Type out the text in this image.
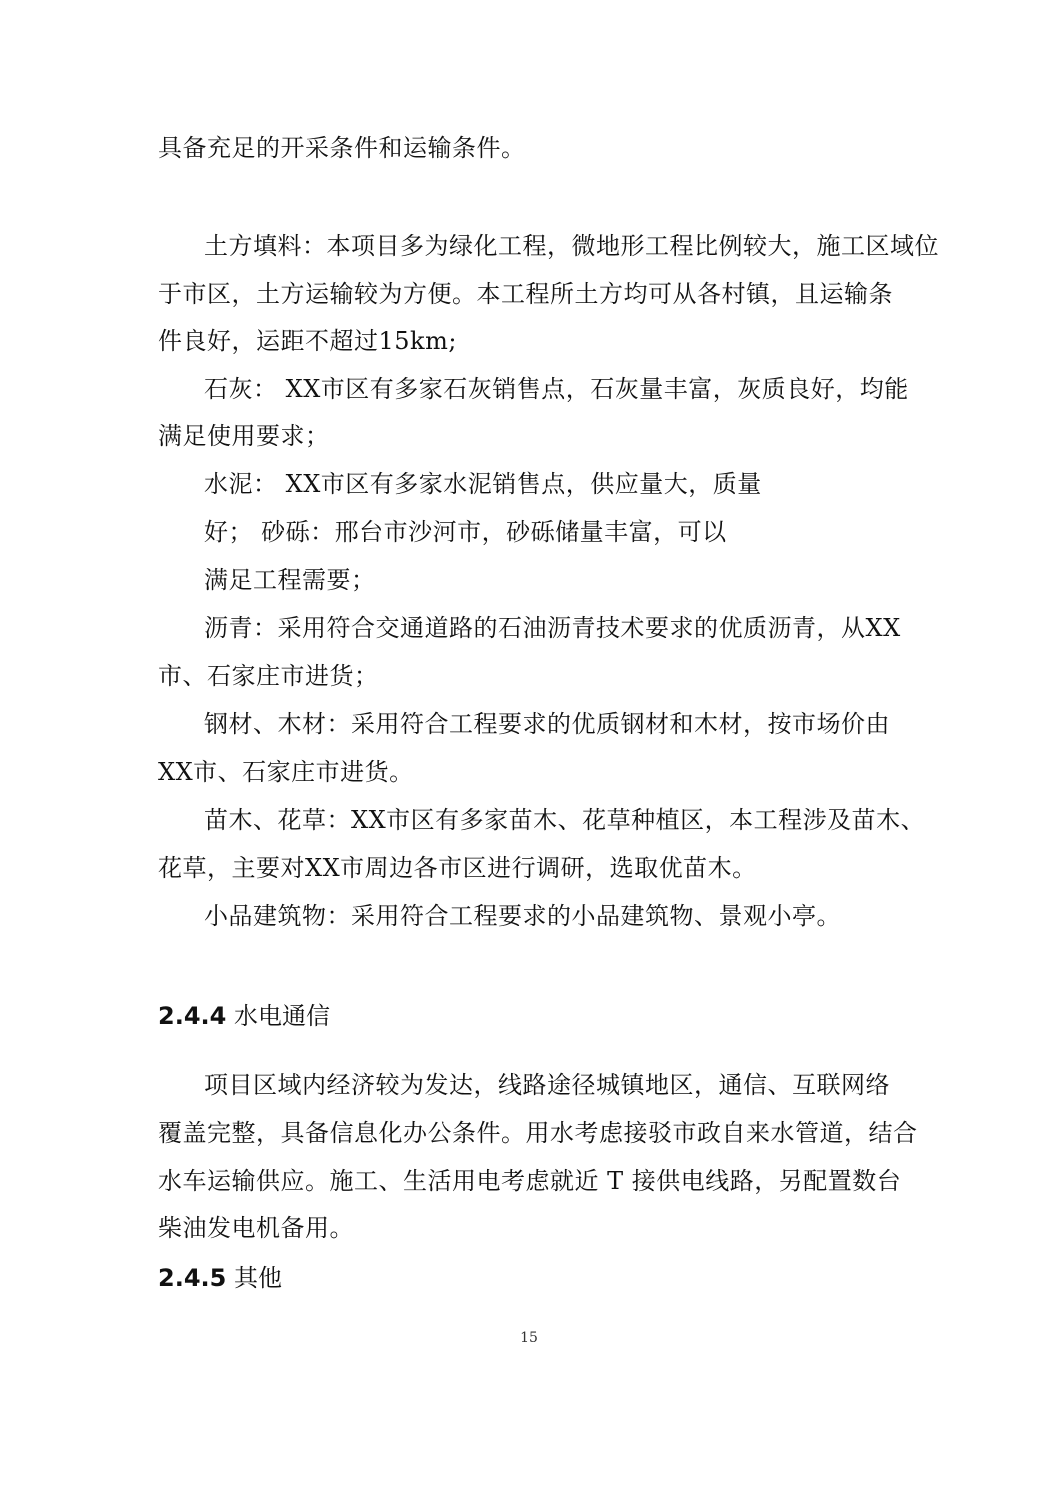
具备充足的开采条件和运输条件。
土方填料：本项目多为绿化工程，微地形工程比例较大，施工区域位
于市区，土方运输较为方便。本工程所土方均可从各村镇，且运输条
件良好，运距不超过15km;
石灰： XX市区有多家石灰销售点，石灰量丰富，灰质良好，均能
满足使用要求；
水泥： XX市区有多家水泥销售点，供应量大，质量
好； 砂砾：邢台市沙河市，砂砾储量丰富，可以
满足工程需要；
沥青：采用符合交通道路的石油沥青技术要求的优质沥青，从XX
市、石家庄市进货；
钢材、木材：采用符合工程要求的优质钢材和木材，按市场价由
XX市、石家庄市进货。
苗木、花草：XX市区有多家苗木、花草种植区，本工程涉及苗木、
花草，主要对XX市周边各市区进行调研，选取优苗木。
小品建筑物：采用符合工程要求的小品建筑物、景观小亭。
2.4.4 水电通信
项目区域内经济较为发达，线路途径城镇地区，通信、互联网络
覆盖完整，具备信息化办公条件。用水考虑接驳市政自来水管道，结合
水车运输供应。施工、生活用电考虑就近 T 接供电线路，另配置数台
柴油发电机备用。
2.4.5 其他
15
